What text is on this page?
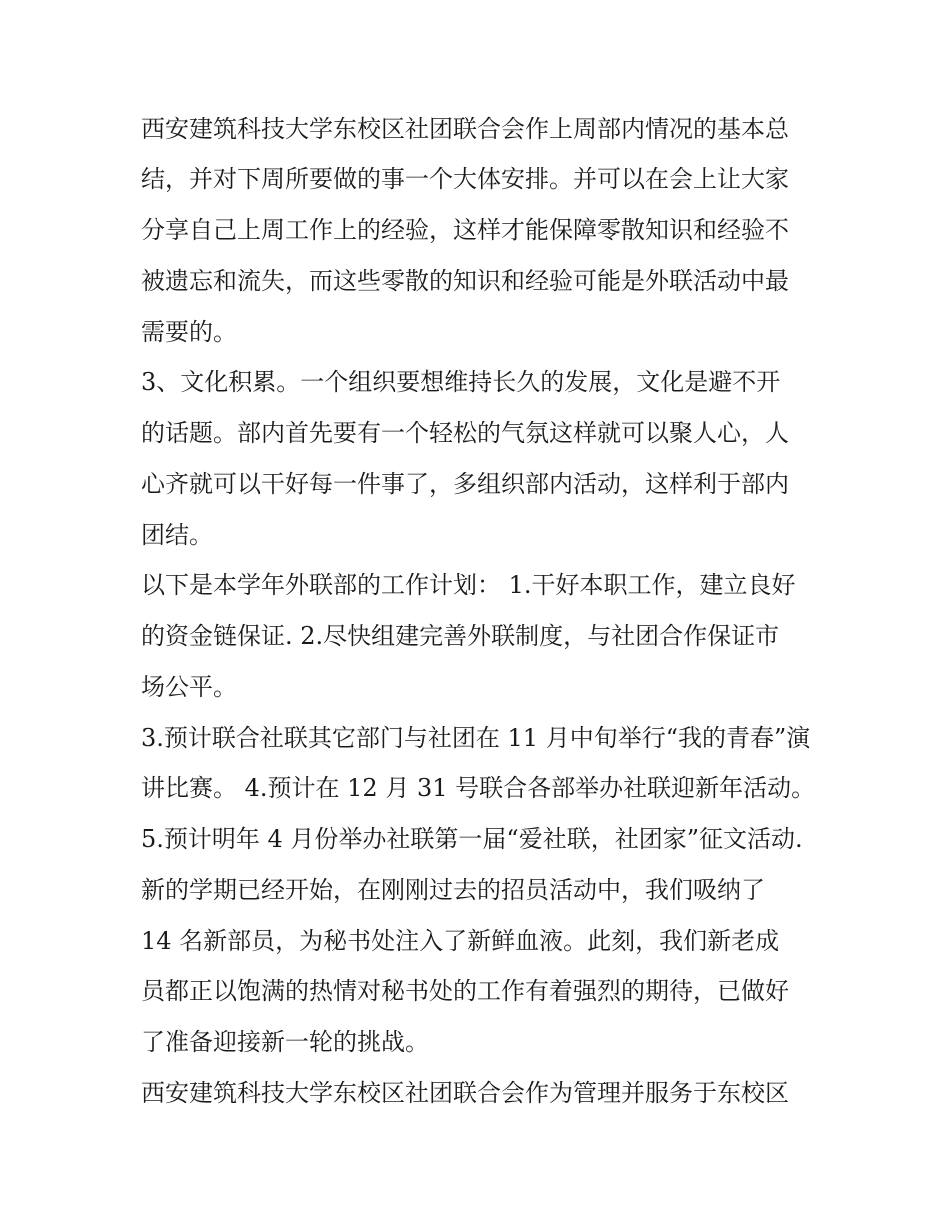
西安建筑科技大学东校区社团联合会作上周部内情况的基本总
结，并对下周所要做的事一个大体安排。并可以在会上让大家
分享自己上周工作上的经验，这样才能保障零散知识和经验不
被遗忘和流失，而这些零散的知识和经验可能是外联活动中最
需要的。
3、文化积累。一个组织要想维持长久的发展，文化是避不开
的话题。部内首先要有一个轻松的气氛这样就可以聚人心，人
心齐就可以干好每一件事了，多组织部内活动，这样利于部内
团结。
以下是本学年外联部的工作计划： 1.干好本职工作，建立良好
的资金链保证. 2.尽快组建完善外联制度，与社团合作保证市
场公平。
3.预计联合社联其它部门与社团在 11 月中旬举行“我的青春”演
讲比赛。 4.预计在 12 月 31 号联合各部举办社联迎新年活动。
5.预计明年 4 月份举办社联第一届“爱社联，社团家”征文活动.
新的学期已经开始，在刚刚过去的招员活动中，我们吸纳了
14 名新部员，为秘书处注入了新鲜血液。此刻，我们新老成
员都正以饱满的热情对秘书处的工作有着强烈的期待，已做好
了准备迎接新一轮的挑战。
西安建筑科技大学东校区社团联合会作为管理并服务于东校区
